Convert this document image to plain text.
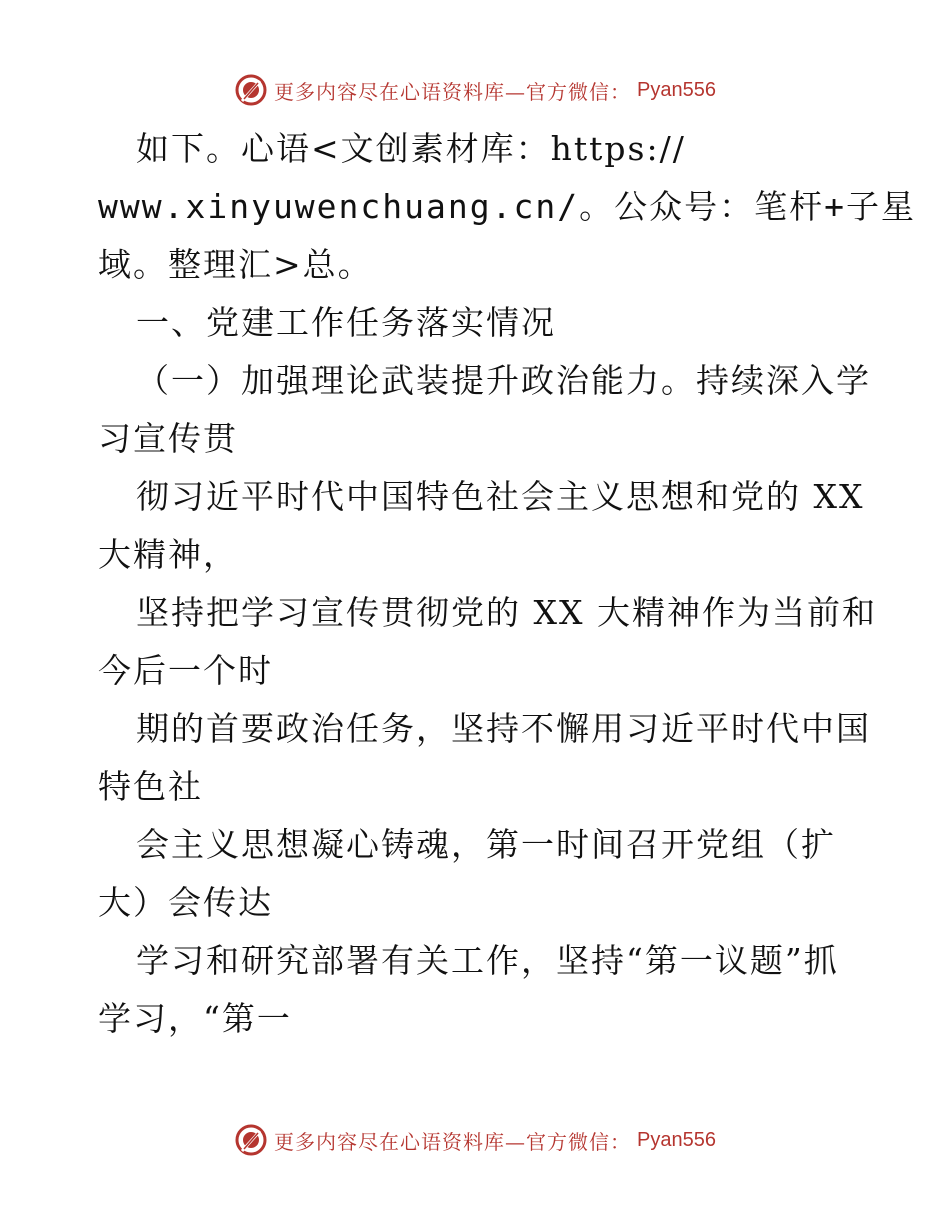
更多内容尽在心语资料库—官方微信： Pyan556
如下。心语<文创素材库：https://
www.xinyuwenchuang.cn/。公众号：笔杆+子星
域。整理汇>总。
一、党建工作任务落实情况
（一）加强理论武装提升政治能力。持续深入学
习宣传贯
彻习近平时代中国特色社会主义思想和党的 XX
大精神，
坚持把学习宣传贯彻党的 XX 大精神作为当前和
今后一个时
期的首要政治任务，坚持不懈用习近平时代中国
特色社
会主义思想凝心铸魂，第一时间召开党组（扩
大）会传达
学习和研究部署有关工作，坚持“第一议题”抓
学习，“第一
更多内容尽在心语资料库—官方微信： Pyan556
